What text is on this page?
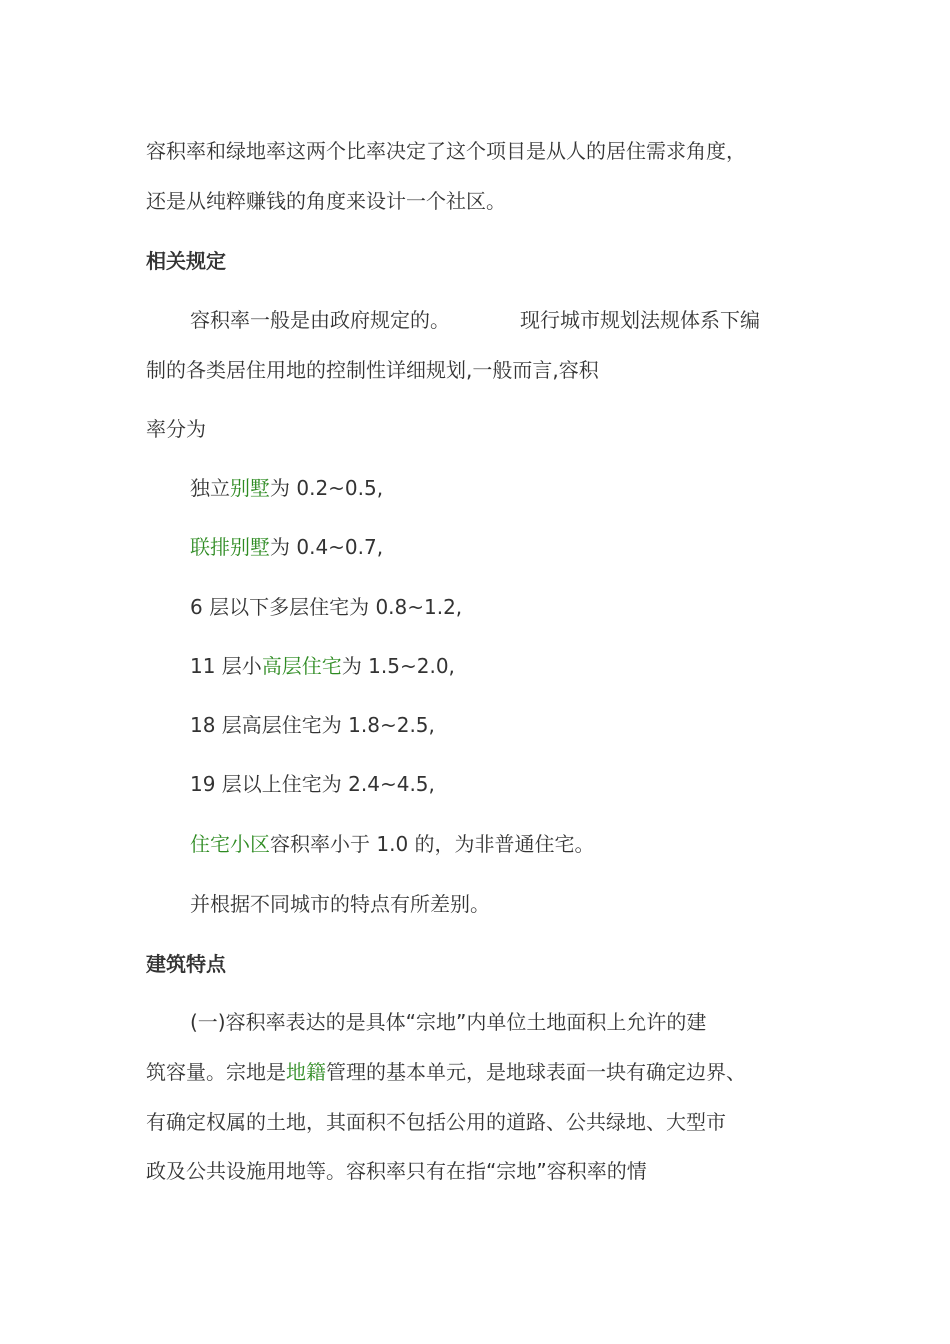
容积率和绿地率这两个比率决定了这个项目是从人的居住需求角度，
还是从纯粹赚钱的角度来设计一个社区。
相关规定
容积率一般是由政府规定的。	现行城市规划法规体系下编
制的各类居住用地的控制性详细规划,一般而言,容积
率分为
独立别墅为 0.2~0.5,
联排别墅为 0.4~0.7,
6 层以下多层住宅为 0.8~1.2,
11 层小高层住宅为 1.5~2.0,
18 层高层住宅为 1.8~2.5,
19 层以上住宅为 2.4~4.5,
住宅小区容积率小于 1.0 的，为非普通住宅。
并根据不同城市的特点有所差别。
建筑特点
(一)容积率表达的是具体“宗地”内单位土地面积上允许的建
筑容量。宗地是地籍管理的基本单元，是地球表面一块有确定边界、
有确定权属的土地，其面积不包括公用的道路、公共绿地、大型市
政及公共设施用地等。容积率只有在指“宗地”容积率的情
